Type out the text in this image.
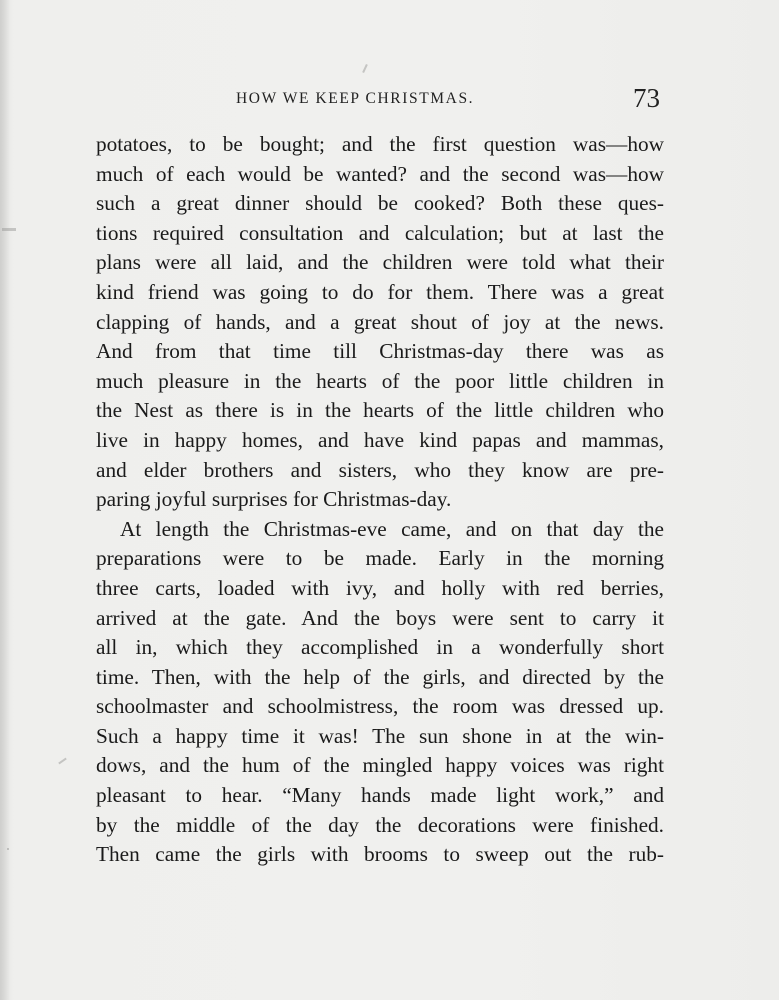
HOW WE KEEP CHRISTMAS.	73
potatoes, to be bought; and the first question was—how
much of each would be wanted? and the second was—how
such a great dinner should be cooked? Both these ques-
tions required consultation and calculation; but at last the
plans were all laid, and the children were told what their
kind friend was going to do for them. There was a great
clapping of hands, and a great shout of joy at the news.
And from that time till Christmas-day there was as
much pleasure in the hearts of the poor little children in
the Nest as there is in the hearts of the little children who
live in happy homes, and have kind papas and mammas,
and elder brothers and sisters, who they know are pre-
paring joyful surprises for Christmas-day.
At length the Christmas-eve came, and on that day the
preparations were to be made. Early in the morning
three carts, loaded with ivy, and holly with red berries,
arrived at the gate. And the boys were sent to carry it
all in, which they accomplished in a wonderfully short
time. Then, with the help of the girls, and directed by the
schoolmaster and schoolmistress, the room was dressed up.
Such a happy time it was! The sun shone in at the win-
dows, and the hum of the mingled happy voices was right
pleasant to hear. “Many hands made light work,” and
by the middle of the day the decorations were finished.
Then came the girls with brooms to sweep out the rub-
